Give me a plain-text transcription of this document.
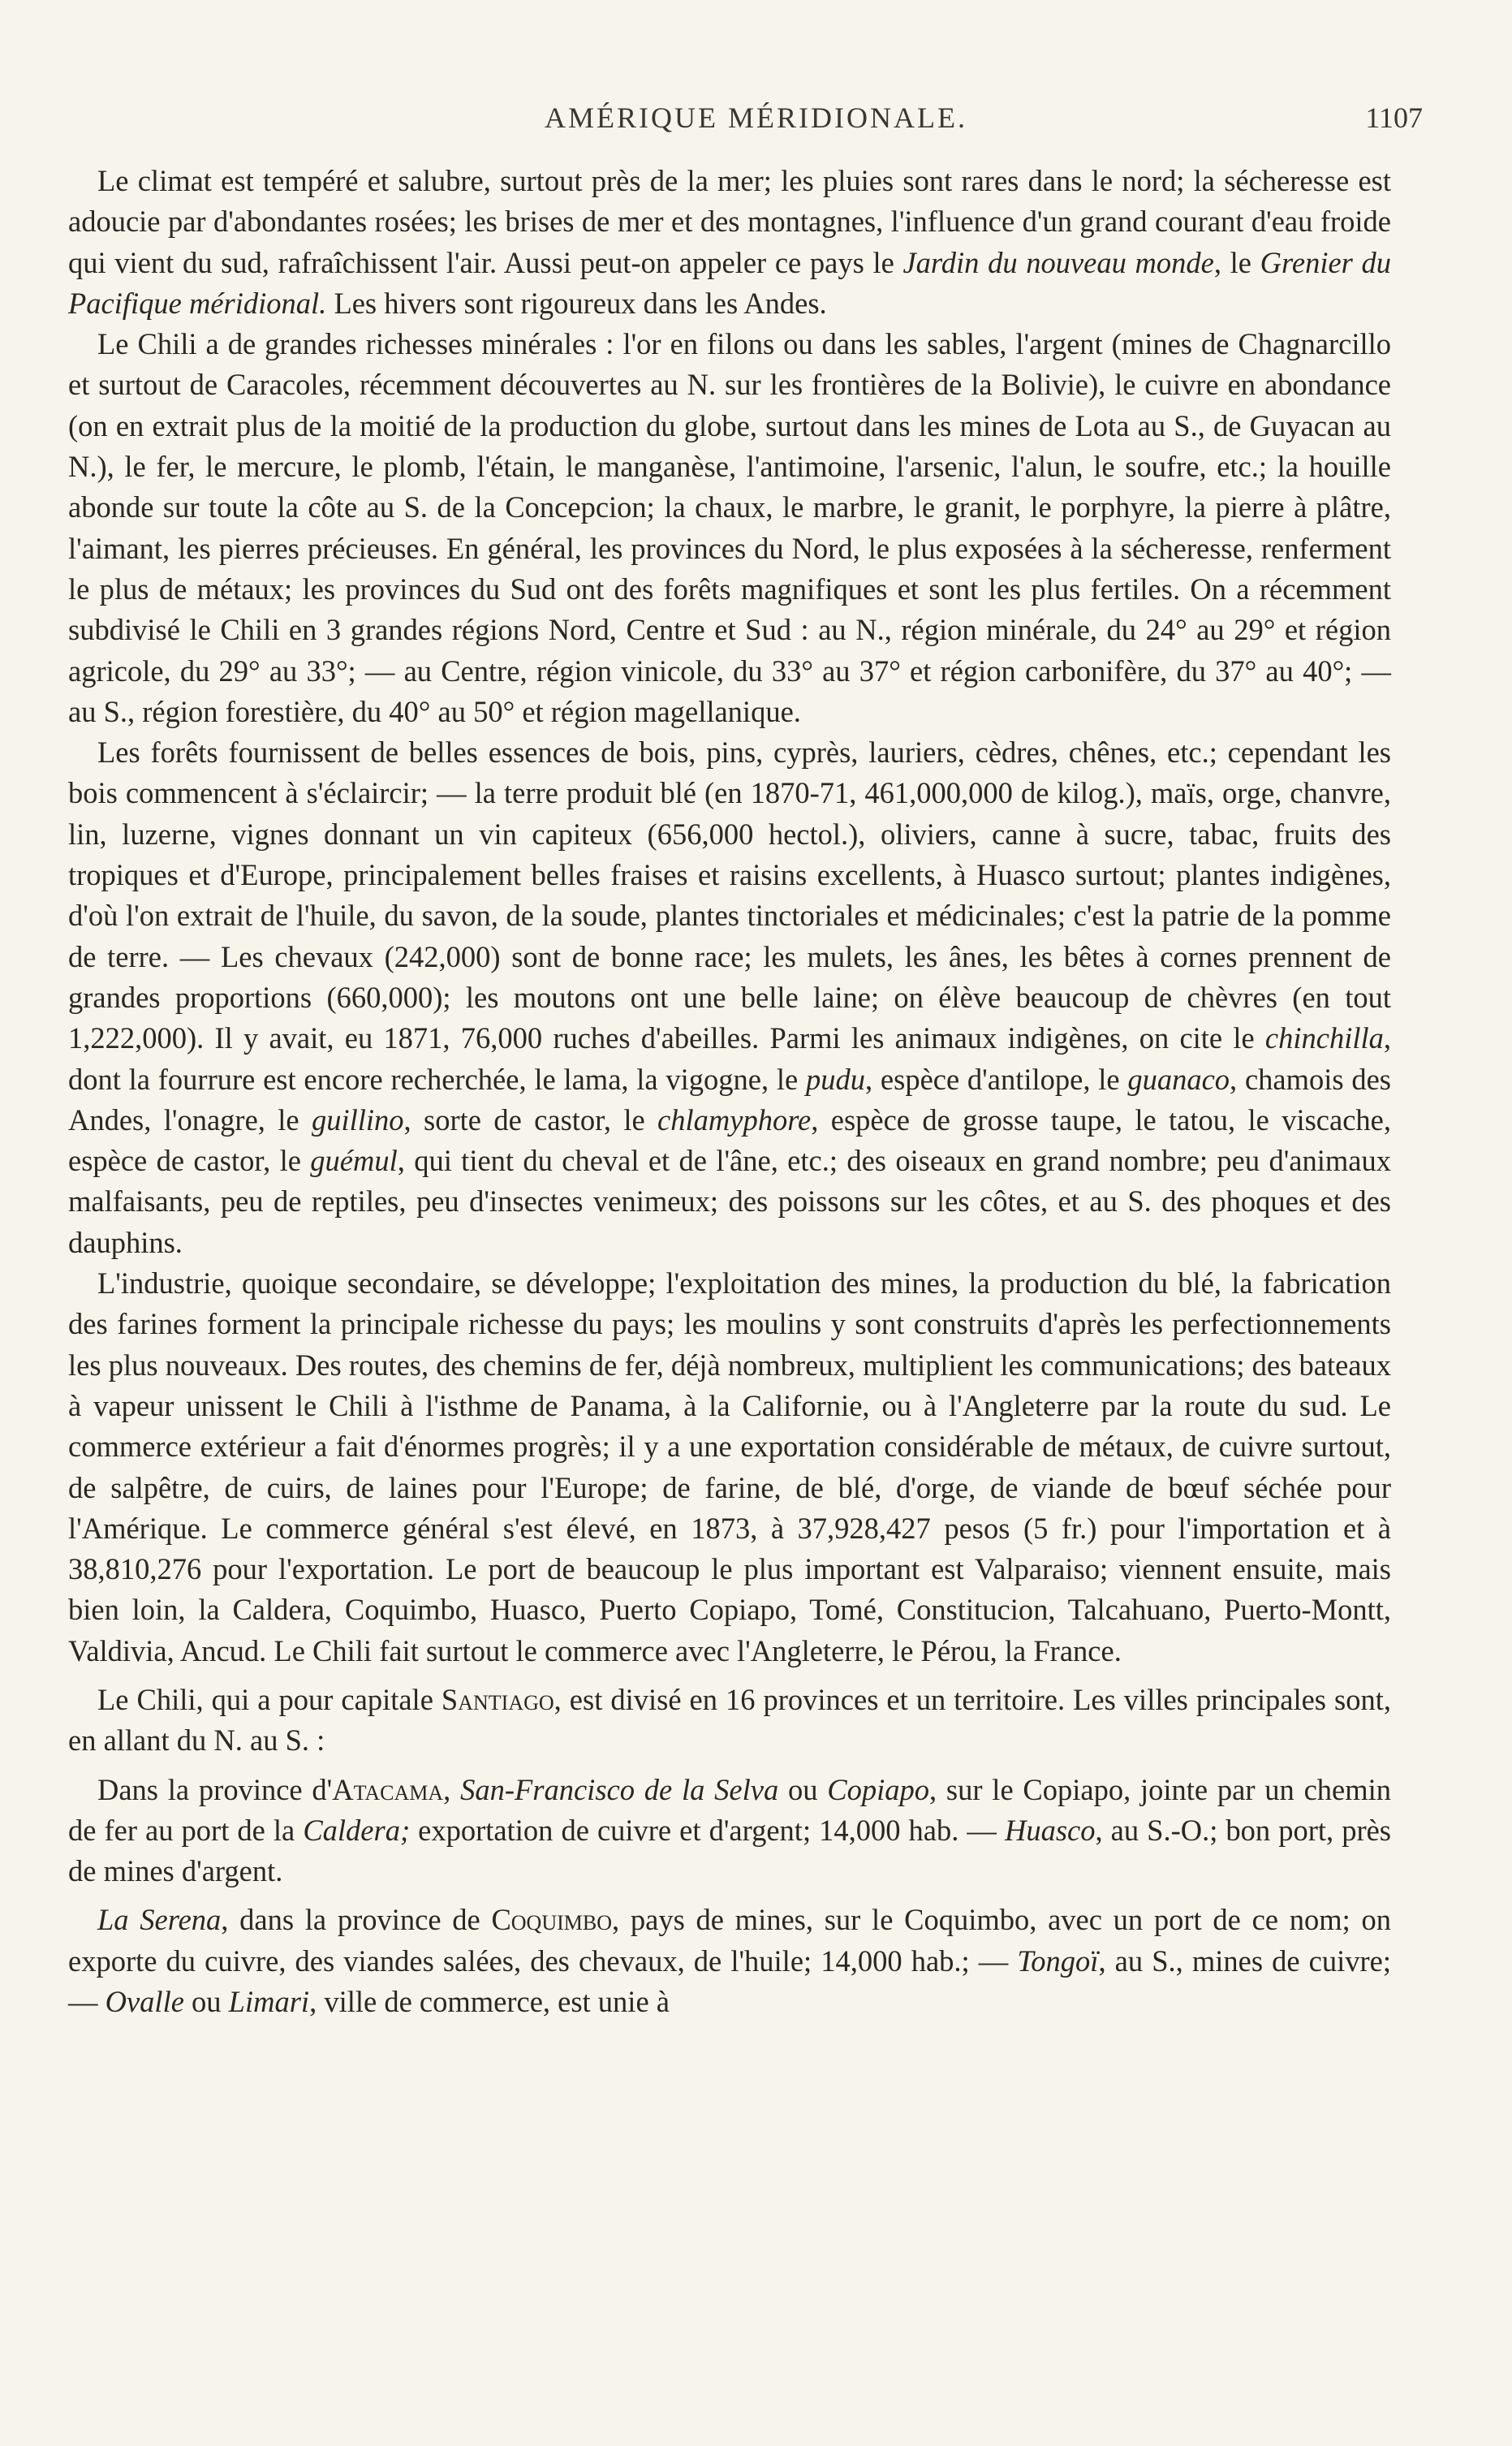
AMÉRIQUE MÉRIDIONALE.	1107

Le climat est tempéré et salubre, surtout près de la mer; les pluies sont rares dans le nord; la sécheresse est adoucie par d'abondantes rosées; les brises de mer et des montagnes, l'influence d'un grand courant d'eau froide qui vient du sud, rafraîchissent l'air. Aussi peut-on appeler ce pays le Jardin du nouveau monde, le Grenier du Pacifique méridional. Les hivers sont rigoureux dans les Andes.

Le Chili a de grandes richesses minérales : l'or en filons ou dans les sables, l'argent (mines de Chagnarcillo et surtout de Caracoles, récemment découvertes au N. sur les frontières de la Bolivie), le cuivre en abondance (on en extrait plus de la moitié de la production du globe, surtout dans les mines de Lota au S., de Guyacan au N.), le fer, le mercure, le plomb, l'étain, le manganèse, l'antimoine, l'arsenic, l'alun, le soufre, etc.; la houille abonde sur toute la côte au S. de la Concepcion; la chaux, le marbre, le granit, le porphyre, la pierre à plâtre, l'aimant, les pierres précieuses. En général, les provinces du Nord, le plus exposées à la sécheresse, renferment le plus de métaux; les provinces du Sud ont des forêts magnifiques et sont les plus fertiles. On a récemment subdivisé le Chili en 3 grandes régions Nord, Centre et Sud : au N., région minérale, du 24° au 29° et région agricole, du 29° au 33°; — au Centre, région vinicole, du 33° au 37° et région carbonifère, du 37° au 40°; — au S., région forestière, du 40° au 50° et région magellanique.

Les forêts fournissent de belles essences de bois, pins, cyprès, lauriers, cèdres, chênes, etc.; cependant les bois commencent à s'éclaircir; — la terre produit blé (en 1870-71, 461,000,000 de kilog.), maïs, orge, chanvre, lin, luzerne, vignes donnant un vin capiteux (656,000 hectol.), oliviers, canne à sucre, tabac, fruits des tropiques et d'Europe, principalement belles fraises et raisins excellents, à Huasco surtout; plantes indigènes, d'où l'on extrait de l'huile, du savon, de la soude, plantes tinctoriales et médicinales; c'est la patrie de la pomme de terre. — Les chevaux (242,000) sont de bonne race; les mulets, les ânes, les bêtes à cornes prennent de grandes proportions (660,000); les moutons ont une belle laine; on élève beaucoup de chèvres (en tout 1,222,000). Il y avait, eu 1871, 76,000 ruches d'abeilles. Parmi les animaux indigènes, on cite le chinchilla, dont la fourrure est encore recherchée, le lama, la vigogne, le pudu, espèce d'antilope, le guanaco, chamois des Andes, l'onagre, le guillino, sorte de castor, le chlamyphore, espèce de grosse taupe, le tatou, le viscache, espèce de castor, le guémul, qui tient du cheval et de l'âne, etc.; des oiseaux en grand nombre; peu d'animaux malfaisants, peu de reptiles, peu d'insectes venimeux; des poissons sur les côtes, et au S. des phoques et des dauphins.

L'industrie, quoique secondaire, se développe; l'exploitation des mines, la production du blé, la fabrication des farines forment la principale richesse du pays; les moulins y sont construits d'après les perfectionnements les plus nouveaux. Des routes, des chemins de fer, déjà nombreux, multiplient les communications; des bateaux à vapeur unissent le Chili à l'isthme de Panama, à la Californie, ou à l'Angleterre par la route du sud. Le commerce extérieur a fait d'énormes progrès; il y a une exportation considérable de métaux, de cuivre surtout, de salpêtre, de cuirs, de laines pour l'Europe; de farine, de blé, d'orge, de viande de bœuf séchée pour l'Amérique. Le commerce général s'est élevé, en 1873, à 37,928,427 pesos (5 fr.) pour l'importation et à 38,810,276 pour l'exportation. Le port de beaucoup le plus important est Valparaiso; viennent ensuite, mais bien loin, la Caldera, Coquimbo, Huasco, Puerto Copiapo, Tomé, Constitucion, Talcahuano, Puerto-Montt, Valdivia, Ancud. Le Chili fait surtout le commerce avec l'Angleterre, le Pérou, la France.

Le Chili, qui a pour capitale Santiago, est divisé en 16 provinces et un territoire. Les villes principales sont, en allant du N. au S. :

Dans la province d'Atacama, San-Francisco de la Selva ou Copiapo, sur le Copiapo, jointe par un chemin de fer au port de la Caldera; exportation de cuivre et d'argent; 14,000 hab. — Huasco, au S.-O.; bon port, près de mines d'argent.

La Serena, dans la province de Coquimbo, pays de mines, sur le Coquimbo, avec un port de ce nom; on exporte du cuivre, des viandes salées, des chevaux, de l'huile; 14,000 hab.; — Tongoï, au S., mines de cuivre; — Ovalle ou Limari, ville de commerce, est unie à
